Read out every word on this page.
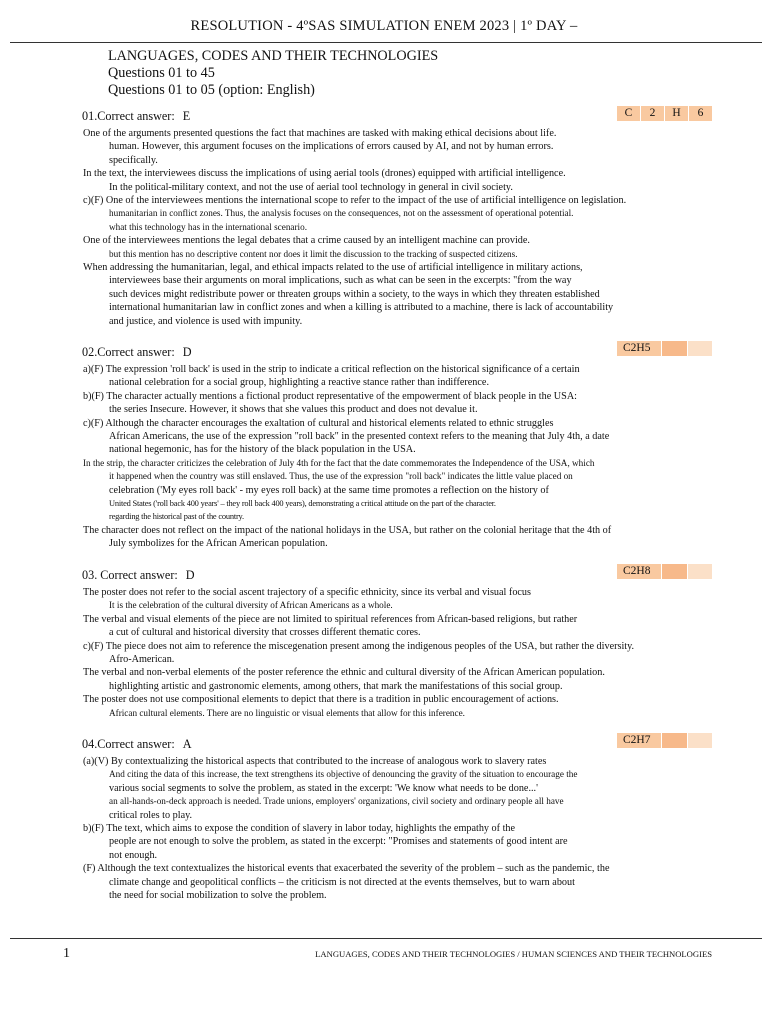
RESOLUTION - 4ºSAS SIMULATION ENEM 2023 | 1º DAY –
LANGUAGES, CODES AND THEIR TECHNOLOGIES
Questions 01 to 45
Questions 01 to 05 (option: English)
01.Correct answer: E	C	2	H	6
One of the arguments presented questions the fact that machines are tasked with making ethical decisions about life.
human. However, this argument focuses on the implications of errors caused by AI, and not by human errors.
specifically.
In the text, the interviewees discuss the implications of using aerial tools (drones) equipped with artificial intelligence.
In the political-military context, and not the use of aerial tool technology in general in civil society.
c)(F) One of the interviewees mentions the international scope to refer to the impact of the use of artificial intelligence on legislation.
humanitarian in conflict zones. Thus, the analysis focuses on the consequences, not on the assessment of operational potential.
what this technology has in the international scenario.
One of the interviewees mentions the legal debates that a crime caused by an intelligent machine can provide.
but this mention has no descriptive content nor does it limit the discussion to the tracking of suspected citizens.
When addressing the humanitarian, legal, and ethical impacts related to the use of artificial intelligence in military actions,
interviewees base their arguments on moral implications, such as what can be seen in the excerpts: "from the way
such devices might redistribute power or threaten groups within a society, to the ways in which they threaten established
international humanitarian law in conflict zones and when a killing is attributed to a machine, there is lack of accountability
and justice, and violence is used with impunity.
02.Correct answer: D	C2H5
a)(F) The expression 'roll back' is used in the strip to indicate a critical reflection on the historical significance of a certain
national celebration for a social group, highlighting a reactive stance rather than indifference.
b)(F) The character actually mentions a fictional product representative of the empowerment of black people in the USA:
the series Insecure. However, it shows that she values this product and does not devalue it.
c)(F) Although the character encourages the exaltation of cultural and historical elements related to ethnic struggles
African Americans, the use of the expression "roll back" in the presented context refers to the meaning that July 4th, a date
national hegemonic, has for the history of the black population in the USA.
In the strip, the character criticizes the celebration of July 4th for the fact that the date commemorates the Independence of the USA, which
it happened when the country was still enslaved. Thus, the use of the expression "roll back" indicates the little value placed on
celebration ('My eyes roll back' - my eyes roll back) at the same time promotes a reflection on the history of
United States ('roll back 400 years' – they roll back 400 years), demonstrating a critical attitude on the part of the character.
regarding the historical past of the country.
The character does not reflect on the impact of the national holidays in the USA, but rather on the colonial heritage that the 4th of
July symbolizes for the African American population.
03. Correct answer: D	C2H8
The poster does not refer to the social ascent trajectory of a specific ethnicity, since its verbal and visual focus
It is the celebration of the cultural diversity of African Americans as a whole.
The verbal and visual elements of the piece are not limited to spiritual references from African-based religions, but rather
a cut of cultural and historical diversity that crosses different thematic cores.
c)(F) The piece does not aim to reference the miscegenation present among the indigenous peoples of the USA, but rather the diversity.
Afro-American.
The verbal and non-verbal elements of the poster reference the ethnic and cultural diversity of the African American population.
highlighting artistic and gastronomic elements, among others, that mark the manifestations of this social group.
The poster does not use compositional elements to depict that there is a tradition in public encouragement of actions.
African cultural elements. There are no linguistic or visual elements that allow for this inference.
04.Correct answer: A	C2H7
(a)(V) By contextualizing the historical aspects that contributed to the increase of analogous work to slavery rates
And citing the data of this increase, the text strengthens its objective of denouncing the gravity of the situation to encourage the
various social segments to solve the problem, as stated in the excerpt: 'We know what needs to be done...'
an all-hands-on-deck approach is needed. Trade unions, employers' organizations, civil society and ordinary people all have
critical roles to play.
b)(F) The text, which aims to expose the condition of slavery in labor today, highlights the empathy of the
people are not enough to solve the problem, as stated in the excerpt: "Promises and statements of good intent are
not enough.
(F) Although the text contextualizes the historical events that exacerbated the severity of the problem – such as the pandemic, the
climate change and geopolitical conflicts – the criticism is not directed at the events themselves, but to warn about
the need for social mobilization to solve the problem.
1	LANGUAGES, CODES AND THEIR TECHNOLOGIES / HUMAN SCIENCES AND THEIR TECHNOLOGIES
